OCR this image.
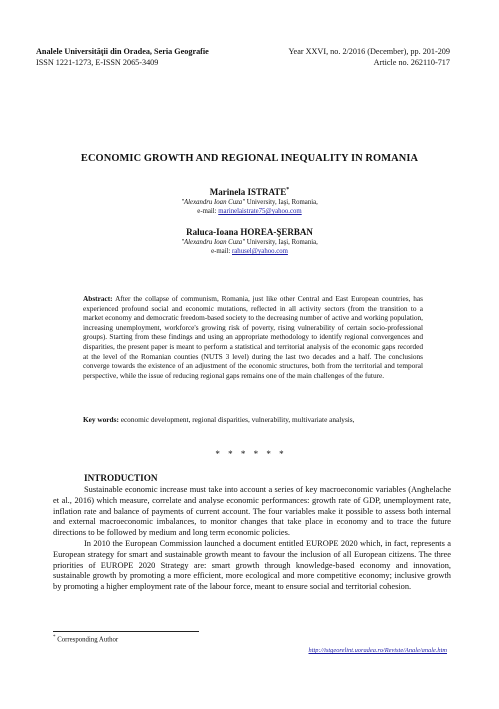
Analele Universităţii din Oradea, Seria Geografie
ISSN 1221-1273, E-ISSN 2065-3409
Year XXVI, no. 2/2016 (December), pp. 201-209
Article no. 262110-717
ECONOMIC GROWTH AND REGIONAL INEQUALITY IN ROMANIA
Marinela ISTRATE*
"Alexandru Ioan Cuza" University, Iaşi, Romania,
e-mail: marinelaistrate75@yahoo.com
Raluca-Ioana HOREA-ŞERBAN
"Alexandru Ioan Cuza" University, Iaşi, Romania,
e-mail: rahusel@yahoo.com
Abstract: After the collapse of communism, Romania, just like other Central and East European countries, has experienced profound social and economic mutations, reflected in all activity sectors (from the transition to a market economy and democratic freedom-based society to the decreasing number of active and working population, increasing unemployment, workforce's growing risk of poverty, rising vulnerability of certain socio-professional groups). Starting from these findings and using an appropriate methodology to identify regional convergences and disparities, the present paper is meant to perform a statistical and territorial analysis of the economic gaps recorded at the level of the Romanian counties (NUTS 3 level) during the last two decades and a half. The conclusions converge towards the existence of an adjustment of the economic structures, both from the territorial and temporal perspective, while the issue of reducing regional gaps remains one of the main challenges of the future.
Key words: economic development, regional disparities, vulnerability, multivariate analysis,
* * * * * *
INTRODUCTION

Sustainable economic increase must take into account a series of key macroeconomic variables (Anghelache et al., 2016) which measure, correlate and analyse economic performances: growth rate of GDP, unemployment rate, inflation rate and balance of payments of current account. The four variables make it possible to assess both internal and external macroeconomic imbalances, to monitor changes that take place in economy and to trace the future directions to be followed by medium and long term economic policies.

In 2010 the European Commission launched a document entitled EUROPE 2020 which, in fact, represents a European strategy for smart and sustainable growth meant to favour the inclusion of all European citizens. The three priorities of EUROPE 2020 Strategy are: smart growth through knowledge-based economy and innovation, sustainable growth by promoting a more efficient, more ecological and more competitive economy; inclusive growth by promoting a higher employment rate of the labour force, meant to ensure social and territorial cohesion.

* Corresponding Author
http://istgeorelint.uoradea.ro/Reviste/Anale/anale.htm
